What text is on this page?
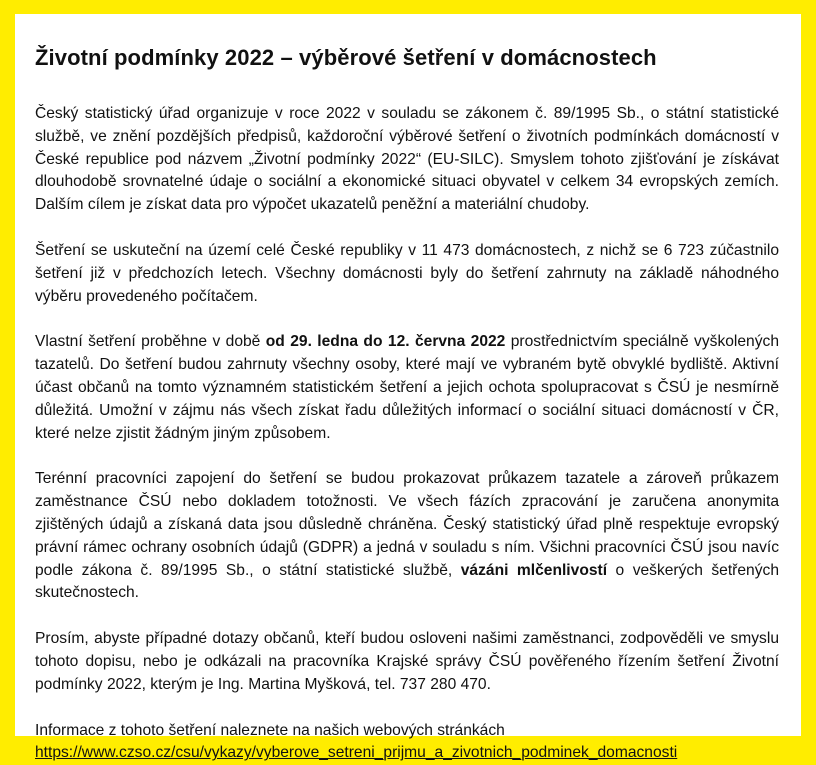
Životní podmínky 2022 – výběrové šetření v domácnostech

Český statistický úřad organizuje v roce 2022 v souladu se zákonem č. 89/1995 Sb., o státní statistické službě, ve znění pozdějších předpisů, každoroční výběrové šetření o životních podmínkách domácností v České republice pod názvem „Životní podmínky 2022“ (EU-SILC). Smyslem tohoto zjišťování je získávat dlouhodobě srovnatelné údaje o sociální a ekonomické situaci obyvatel v celkem 34 evropských zemích. Dalším cílem je získat data pro výpočet ukazatelů peněžní a materiální chudoby.

Šetření se uskuteční na území celé České republiky v 11 473 domácnostech, z nichž se 6 723 zúčastnilo šetření již v předchozích letech. Všechny domácnosti byly do šetření zahrnuty na základě náhodného výběru provedeného počítačem.

Vlastní šetření proběhne v době od 29. ledna do 12. června 2022 prostřednictvím speciálně vyškolených tazatelů. Do šetření budou zahrnuty všechny osoby, které mají ve vybraném bytě obvyklé bydliště. Aktivní účast občanů na tomto významném statistickém šetření a jejich ochota spolupracovat s ČSÚ je nesmírně důležitá. Umožní v zájmu nás všech získat řadu důležitých informací o sociální situaci domácností v ČR, které nelze zjistit žádným jiným způsobem.

Terénní pracovníci zapojení do šetření se budou prokazovat průkazem tazatele a zároveň průkazem zaměstnance ČSÚ nebo dokladem totožnosti. Ve všech fázích zpracování je zaručena anonymita zjištěných údajů a získaná data jsou důsledně chráněna. Český statistický úřad plně respektuje evropský právní rámec ochrany osobních údajů (GDPR) a jedná v souladu s ním. Všichni pracovníci ČSÚ jsou navíc podle zákona č. 89/1995 Sb., o státní statistické službě, vázáni mlčenlivostí o veškerých šetřených skutečnostech.

Prosím, abyste případné dotazy občanů, kteří budou osloveni našimi zaměstnanci, zodpověděli ve smyslu tohoto dopisu, nebo je odkázali na pracovníka Krajské správy ČSÚ pověřeného řízením šetření Životní podmínky 2022, kterým je Ing. Martina Myšková, tel. 737 280 470.

Informace z tohoto šetření naleznete na našich webových stránkách
https://www.czso.cz/csu/vykazy/vyberove_setreni_prijmu_a_zivotnich_podminek_domacnosti
